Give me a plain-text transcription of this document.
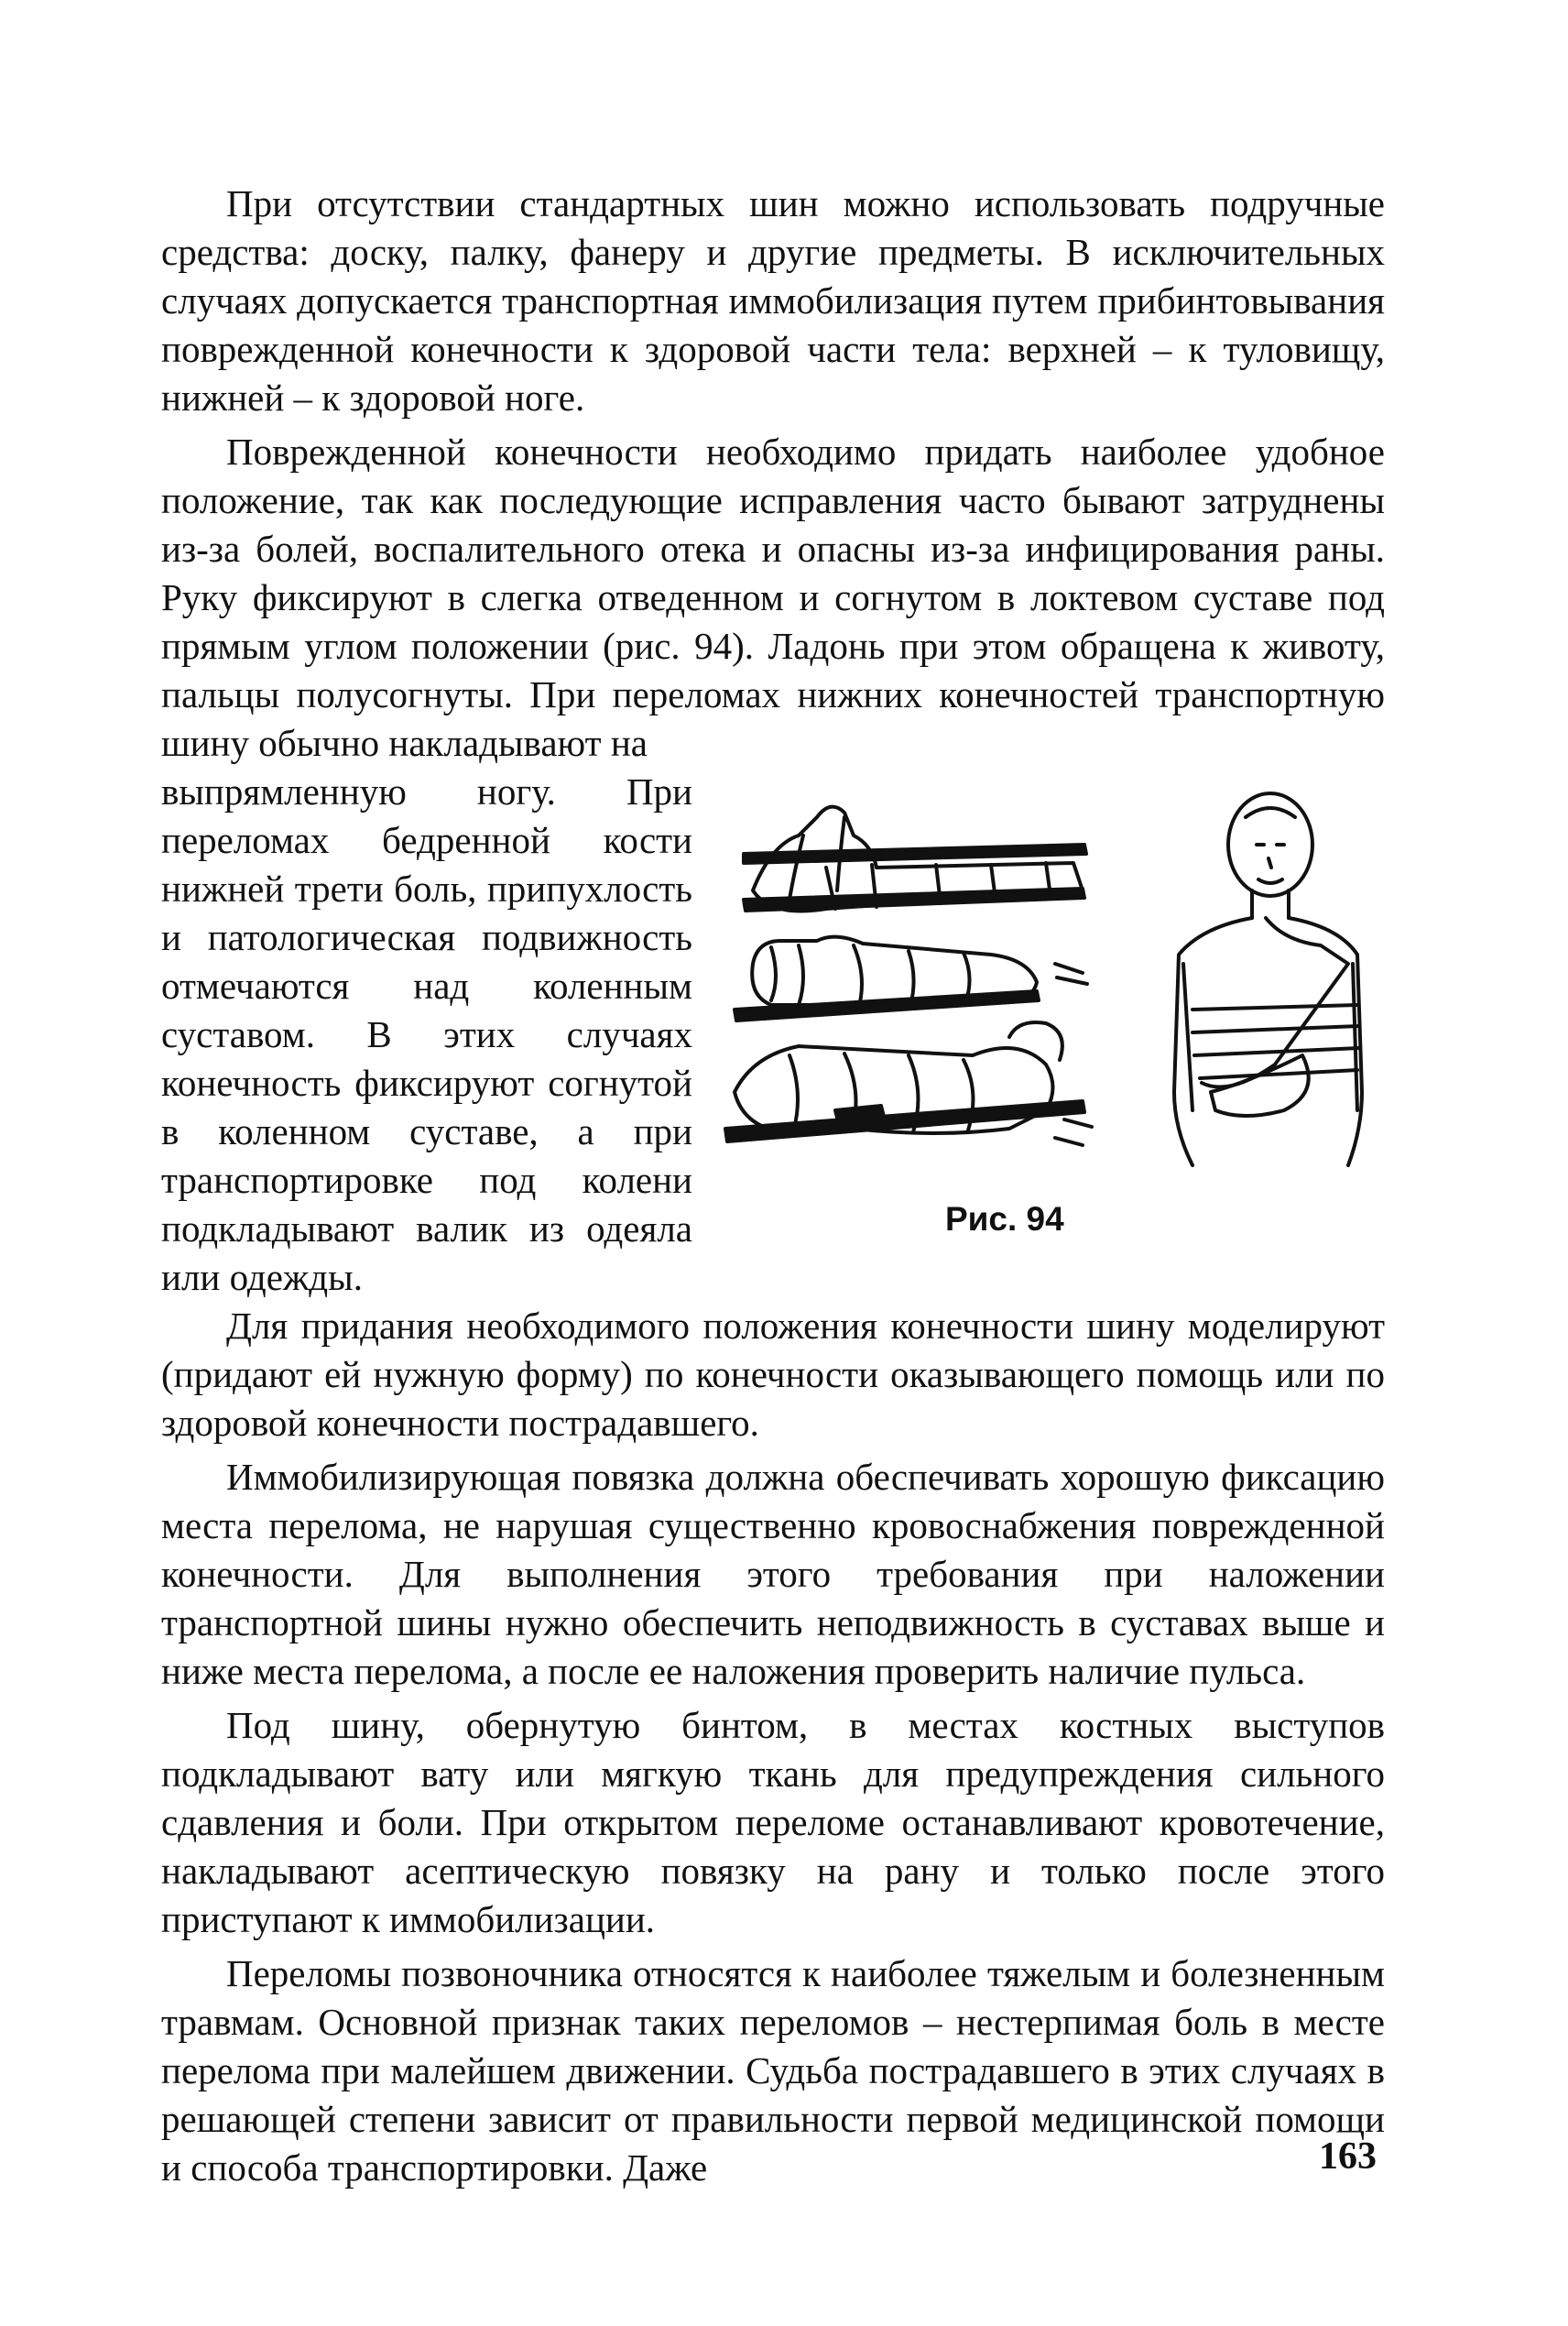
При отсутствии стандартных шин можно использовать подручные средства: доску, палку, фанеру и другие предметы. В исключительных случаях допускается транспортная иммобилизация путем прибинтовывания поврежденной конечности к здоровой части тела: верхней – к туловищу, нижней – к здоровой ноге.

Поврежденной конечности необходимо придать наиболее удобное положение, так как последующие исправления часто бывают затруднены из-за болей, воспалительного отека и опасны из-за инфицирования раны. Руку фиксируют в слегка отведенном и согнутом в локтевом суставе под прямым углом положении (рис. 94). Ладонь при этом обращена к животу, пальцы полусогнуты. При переломах нижних конечностей транспортную шину обычно накладывают на

выпрямленную ногу. При переломах бедренной кости нижней трети боль, припухлость и патологическая подвижность отмечаются над коленным суставом. В этих случаях конечность фиксируют согнутой в коленном суставе, а при транспортировке под колени подкладывают валик из одеяла или одежды.

Рис. 94

Для придания необходимого положения конечности шину моделируют (придают ей нужную форму) по конечности оказывающего помощь или по здоровой конечности пострадавшего.

Иммобилизирующая повязка должна обеспечивать хорошую фиксацию места перелома, не нарушая существенно кровоснабжения поврежденной конечности. Для выполнения этого требования при наложении транспортной шины нужно обеспечить неподвижность в суставах выше и ниже места перелома, а после ее наложения проверить наличие пульса.

Под шину, обернутую бинтом, в местах костных выступов подкладывают вату или мягкую ткань для предупреждения сильного сдавления и боли. При открытом переломе останавливают кровотечение, накладывают асептическую повязку на рану и только после этого приступают к иммобилизации.

Переломы позвоночника относятся к наиболее тяжелым и болезненным травмам. Основной признак таких переломов – нестерпимая боль в месте перелома при малейшем движении. Судьба пострадавшего в этих случаях в решающей степени зависит от правильности первой медицинской помощи и способа транспортировки. Даже	163
